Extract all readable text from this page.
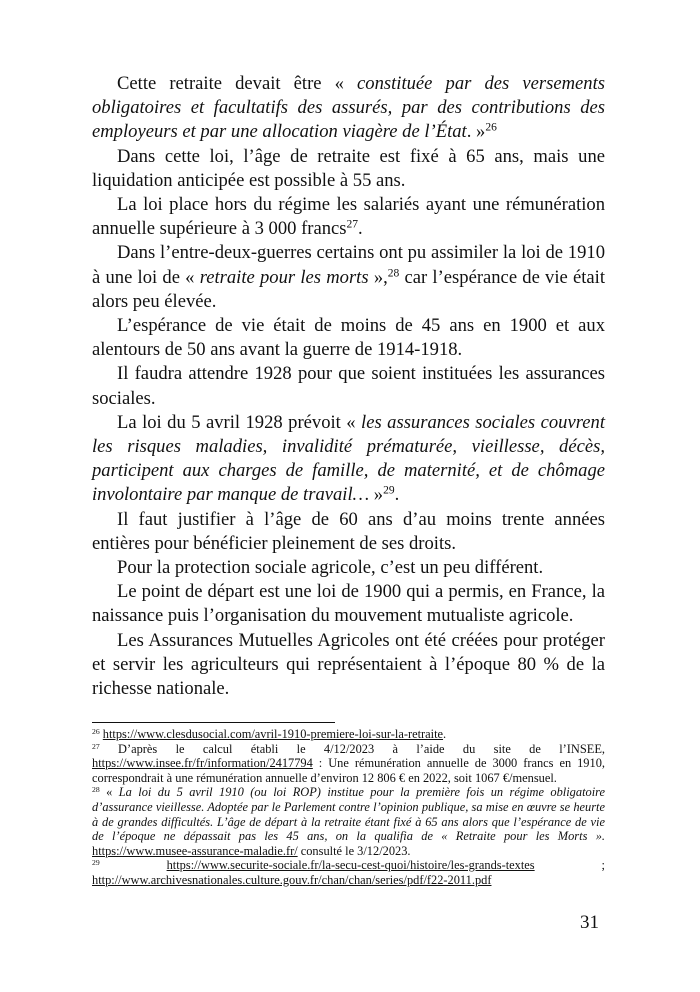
Cette retraite devait être « constituée par des versements obligatoires et facultatifs des assurés, par des contributions des employeurs et par une allocation viagère de l’État. »$^{26}$

Dans cette loi, l’âge de retraite est fixé à 65 ans, mais une liquidation anticipée est possible à 55 ans.

La loi place hors du régime les salariés ayant une rémunération annuelle supérieure à 3 000 francs$^{27}$.

Dans l’entre-deux-guerres certains ont pu assimiler la loi de 1910 à une loi de « retraite pour les morts »,$^{28}$ car l’espérance de vie était alors peu élevée.

L’espérance de vie était de moins de 45 ans en 1900 et aux alentours de 50 ans avant la guerre de 1914-1918.

Il faudra attendre 1928 pour que soient instituées les assurances sociales.

La loi du 5 avril 1928 prévoit « les assurances sociales couvrent les risques maladies, invalidité prématurée, vieillesse, décès, participent aux charges de famille, de maternité, et de chômage involontaire par manque de travail… »$^{29}$.

Il faut justifier à l’âge de 60 ans d’au moins trente années entières pour bénéficier pleinement de ses droits.

Pour la protection sociale agricole, c’est un peu différent.

Le point de départ est une loi de 1900 qui a permis, en France, la naissance puis l’organisation du mouvement mutualiste agricole.

Les Assurances Mutuelles Agricoles ont été créées pour protéger et servir les agriculteurs qui représentaient à l’époque 80 % de la richesse nationale.

$^{26}$ https://www.clesdusocial.com/avril-1910-premiere-loi-sur-la-retraite.

$^{27}$ D’après le calcul établi le 4/12/2023 à l’aide du site de l’INSEE, https://www.insee.fr/fr/information/2417794 : Une rémunération annuelle de 3000 francs en 1910, correspondrait à une rémunération annuelle d’environ 12 806 € en 2022, soit 1067 €/mensuel.

$^{28}$ « La loi du 5 avril 1910 (ou loi ROP) institue pour la première fois un régime obligatoire d’assurance vieillesse. Adoptée par le Parlement contre l’opinion publique, sa mise en œuvre se heurte à de grandes difficultés. L’âge de départ à la retraite étant fixé à 65 ans alors que l’espérance de vie de l’époque ne dépassait pas les 45 ans, on la qualifia de « Retraite pour les Morts ». https://www.musee-assurance-maladie.fr/ consulté le 3/12/2023.

$^{29}$	https://www.securite-sociale.fr/la-secu-cest-quoi/histoire/les-grands-textes ; http://www.archivesnationales.culture.gouv.fr/chan/chan/series/pdf/f22-2011.pdf

31
